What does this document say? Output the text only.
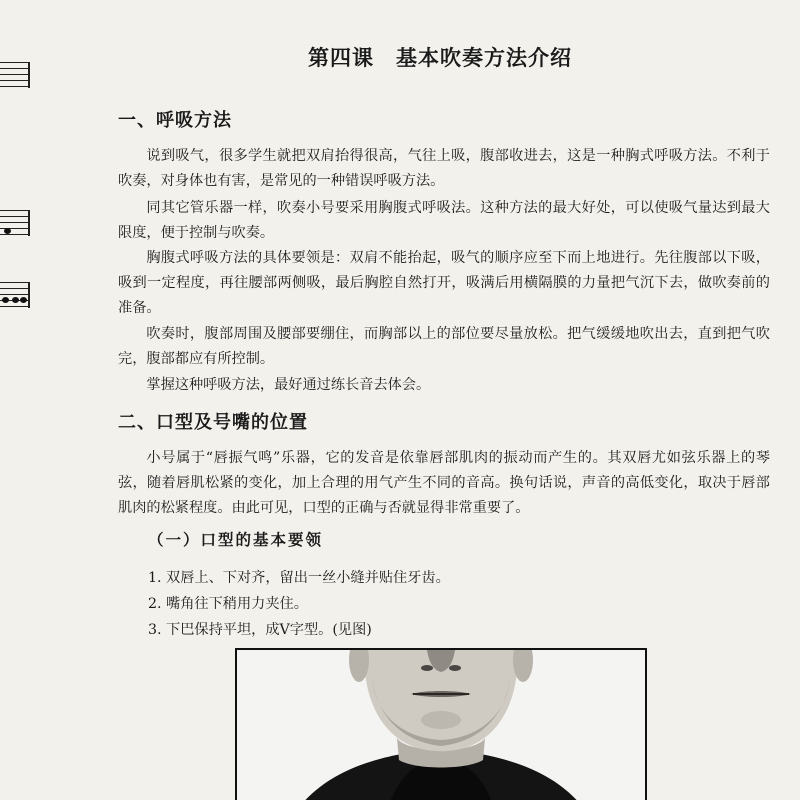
第四课　基本吹奏方法介绍
一、呼吸方法

说到吸气，很多学生就把双肩抬得很高，气往上吸，腹部收进去，这是一种胸式呼吸方法。不利于吹奏，对身体也有害，是常见的一种错误呼吸方法。

同其它管乐器一样，吹奏小号要采用胸腹式呼吸法。这种方法的最大好处，可以使吸气量达到最大限度，便于控制与吹奏。

胸腹式呼吸方法的具体要领是：双肩不能抬起，吸气的顺序应至下而上地进行。先往腹部以下吸，吸到一定程度，再往腰部两侧吸，最后胸腔自然打开，吸满后用横隔膜的力量把气沉下去，做吹奏前的准备。

吹奏时，腹部周围及腰部要绷住，而胸部以上的部位要尽量放松。把气缓缓地吹出去，直到把气吹完，腹部都应有所控制。

掌握这种呼吸方法，最好通过练长音去体会。

二、口型及号嘴的位置

小号属于“唇振气鸣”乐器，它的发音是依靠唇部肌肉的振动而产生的。其双唇尤如弦乐器上的琴弦，随着唇肌松紧的变化，加上合理的用气产生不同的音高。换句话说，声音的高低变化，取决于唇部肌肉的松紧程度。由此可见，口型的正确与否就显得非常重要了。

（一）口型的基本要领
1. 双唇上、下对齐，留出一丝小缝并贴住牙齿。
2. 嘴角往下稍用力夹住。
3. 下巴保持平坦，成V字型。(见图)
